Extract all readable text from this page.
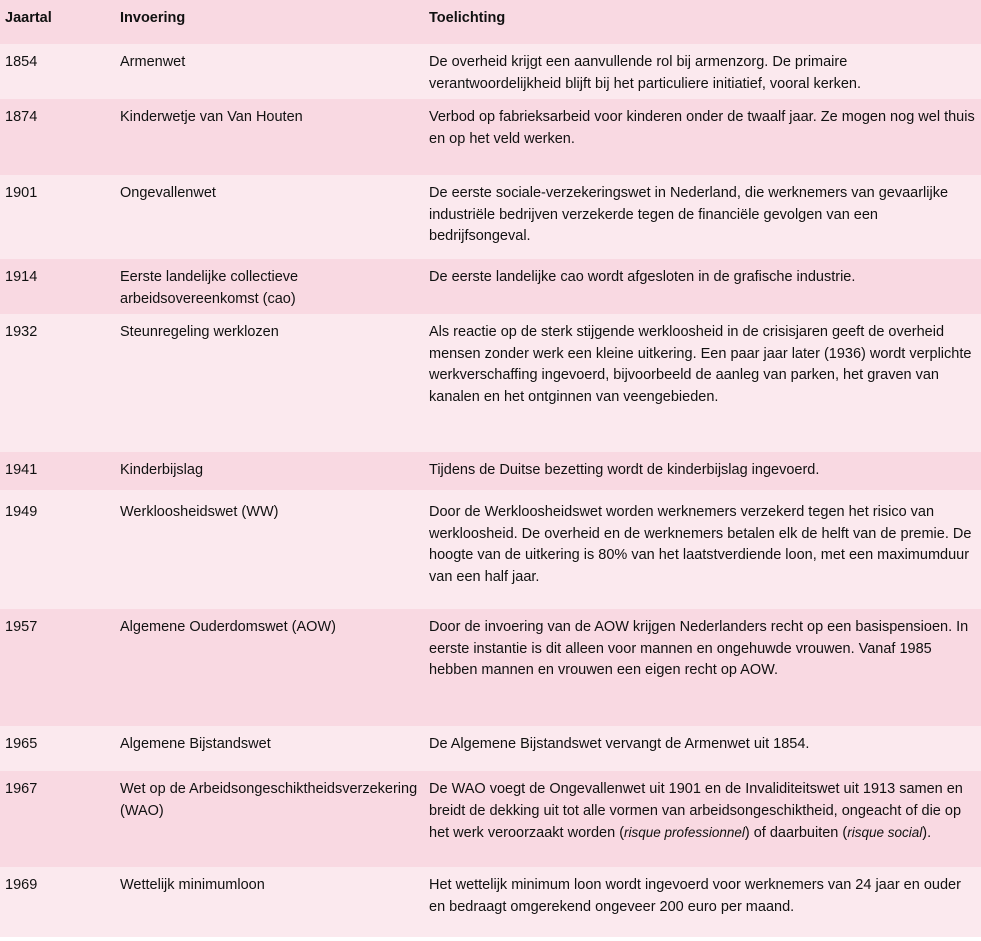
Jaartal	Invoering	Toelichting
1854	Armenwet	De overheid krijgt een aanvullende rol bij armenzorg. De primaire verantwoordelijkheid blijft bij het particuliere initiatief, vooral kerken.
1874	Kinderwetje van Van Houten	Verbod op fabrieksarbeid voor kinderen onder de twaalf jaar. Ze mogen nog wel thuis en op het veld werken.
1901	Ongevallenwet	De eerste sociale-verzekeringswet in Nederland, die werknemers van gevaarlijke industriële bedrijven verzekerde tegen de financiële gevolgen van een bedrijfsongeval.
1914	Eerste landelijke collectieve arbeidsovereenkomst (cao)	De eerste landelijke cao wordt afgesloten in de grafische industrie.
1932	Steunregeling werklozen	Als reactie op de sterk stijgende werkloosheid in de crisisjaren geeft de overheid mensen zonder werk een kleine uitkering. Een paar jaar later (1936) wordt verplichte werkverschaffing ingevoerd, bijvoorbeeld de aanleg van parken, het graven van kanalen en het ontginnen van veengebieden.
1941	Kinderbijslag	Tijdens de Duitse bezetting wordt de kinderbijslag ingevoerd.

1949	Werkloosheidswet (WW)	Door de Werkloosheidswet worden werknemers verzekerd tegen het risico van werkloosheid. De overheid en de werknemers betalen elk de helft van de premie. De hoogte van de uitkering is 80% van het laatstverdiende loon, met een maximumduur van een half jaar.
1957	Algemene Ouderdomswet (AOW)	Door de invoering van de AOW krijgen Nederlanders recht op een basispensioen. In eerste instantie is dit alleen voor mannen en ongehuwde vrouwen. Vanaf 1985 hebben mannen en vrouwen een eigen recht op AOW.
1965	Algemene Bijstandswet	De Algemene Bijstandswet vervangt de Armenwet uit 1854.
1967	Wet op de Arbeidsongeschiktheidsverzekering (WAO)	De WAO voegt de Ongevallenwet uit 1901 en de Invaliditeitswet uit 1913 samen en breidt de dekking uit tot alle vormen van arbeidsongeschiktheid, ongeacht of die op het werk veroorzaakt worden (risque professionnel) of daarbuiten (risque social).
1969	Wettelijk minimumloon	Het wettelijk minimum loon wordt ingevoerd voor werknemers van 24 jaar en ouder en bedraagt omgerekend ongeveer 200 euro per maand.
